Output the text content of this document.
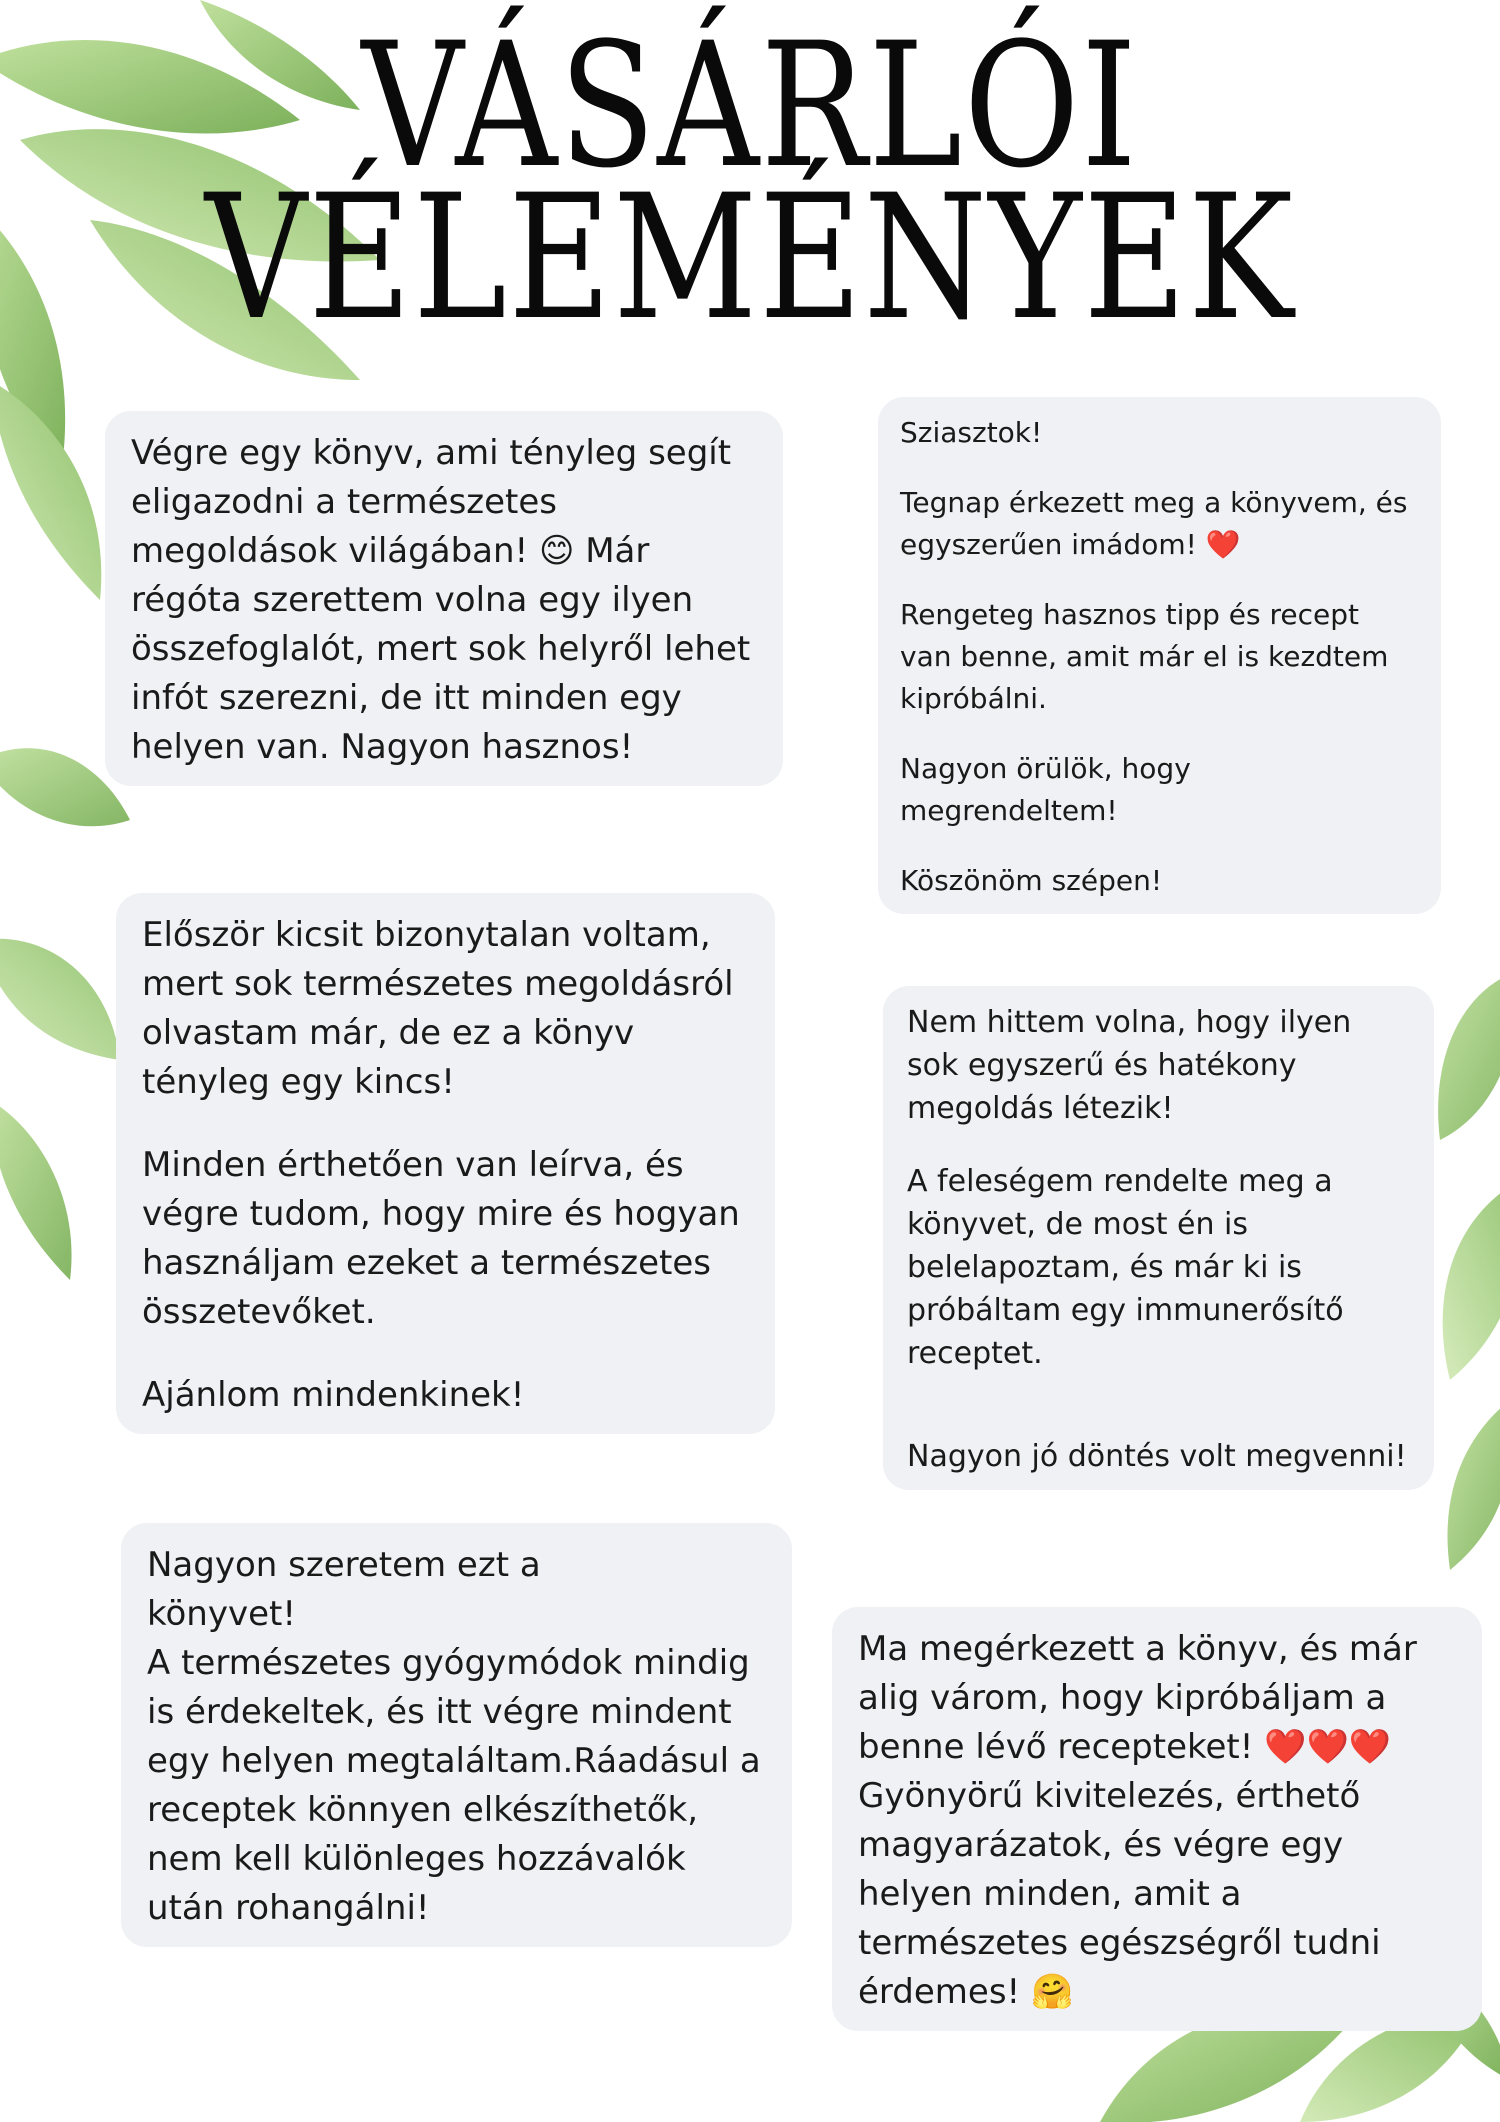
VÁSÁRLÓI
VÉLEMÉNYEK

Végre egy könyv, ami tényleg segít eligazodni a természetes megoldások világában! 😊 Már régóta szerettem volna egy ilyen összefoglalót, mert sok helyről lehet infót szerezni, de itt minden egy helyen van. Nagyon hasznos!

Először kicsit bizonytalan voltam, mert sok természetes megoldásról olvastam már, de ez a könyv tényleg egy kincs!

Minden érthetően van leírva, és végre tudom, hogy mire és hogyan használjam ezeket a természetes összetevőket.

Ajánlom mindenkinek!

Nagyon szeretem ezt a könyvet!

A természetes gyógymódok mindig is érdekeltek, és itt végre mindent egy helyen megtaláltam.Ráadásul a receptek könnyen elkészíthetők, nem kell különleges hozzávalók után rohangálni!

Sziasztok!

Tegnap érkezett meg a könyvem, és egyszerűen imádom! ❤️

Rengeteg hasznos tipp és recept van benne, amit már el is kezdtem kipróbálni.

Nagyon örülök, hogy megrendeltem!

Köszönöm szépen!

Nem hittem volna, hogy ilyen sok egyszerű és hatékony megoldás létezik!

A feleségem rendelte meg a könyvet, de most én is belelapoztam, és már ki is próbáltam egy immunerősítő receptet.

Nagyon jó döntés volt megvenni!

Ma megérkezett a könyv, és már alig várom, hogy kipróbáljam a benne lévő recepteket! ❤️❤️❤️

Gyönyörű kivitelezés, érthető magyarázatok, és végre egy helyen minden, amit a természetes egészségről tudni érdemes! 🤗
